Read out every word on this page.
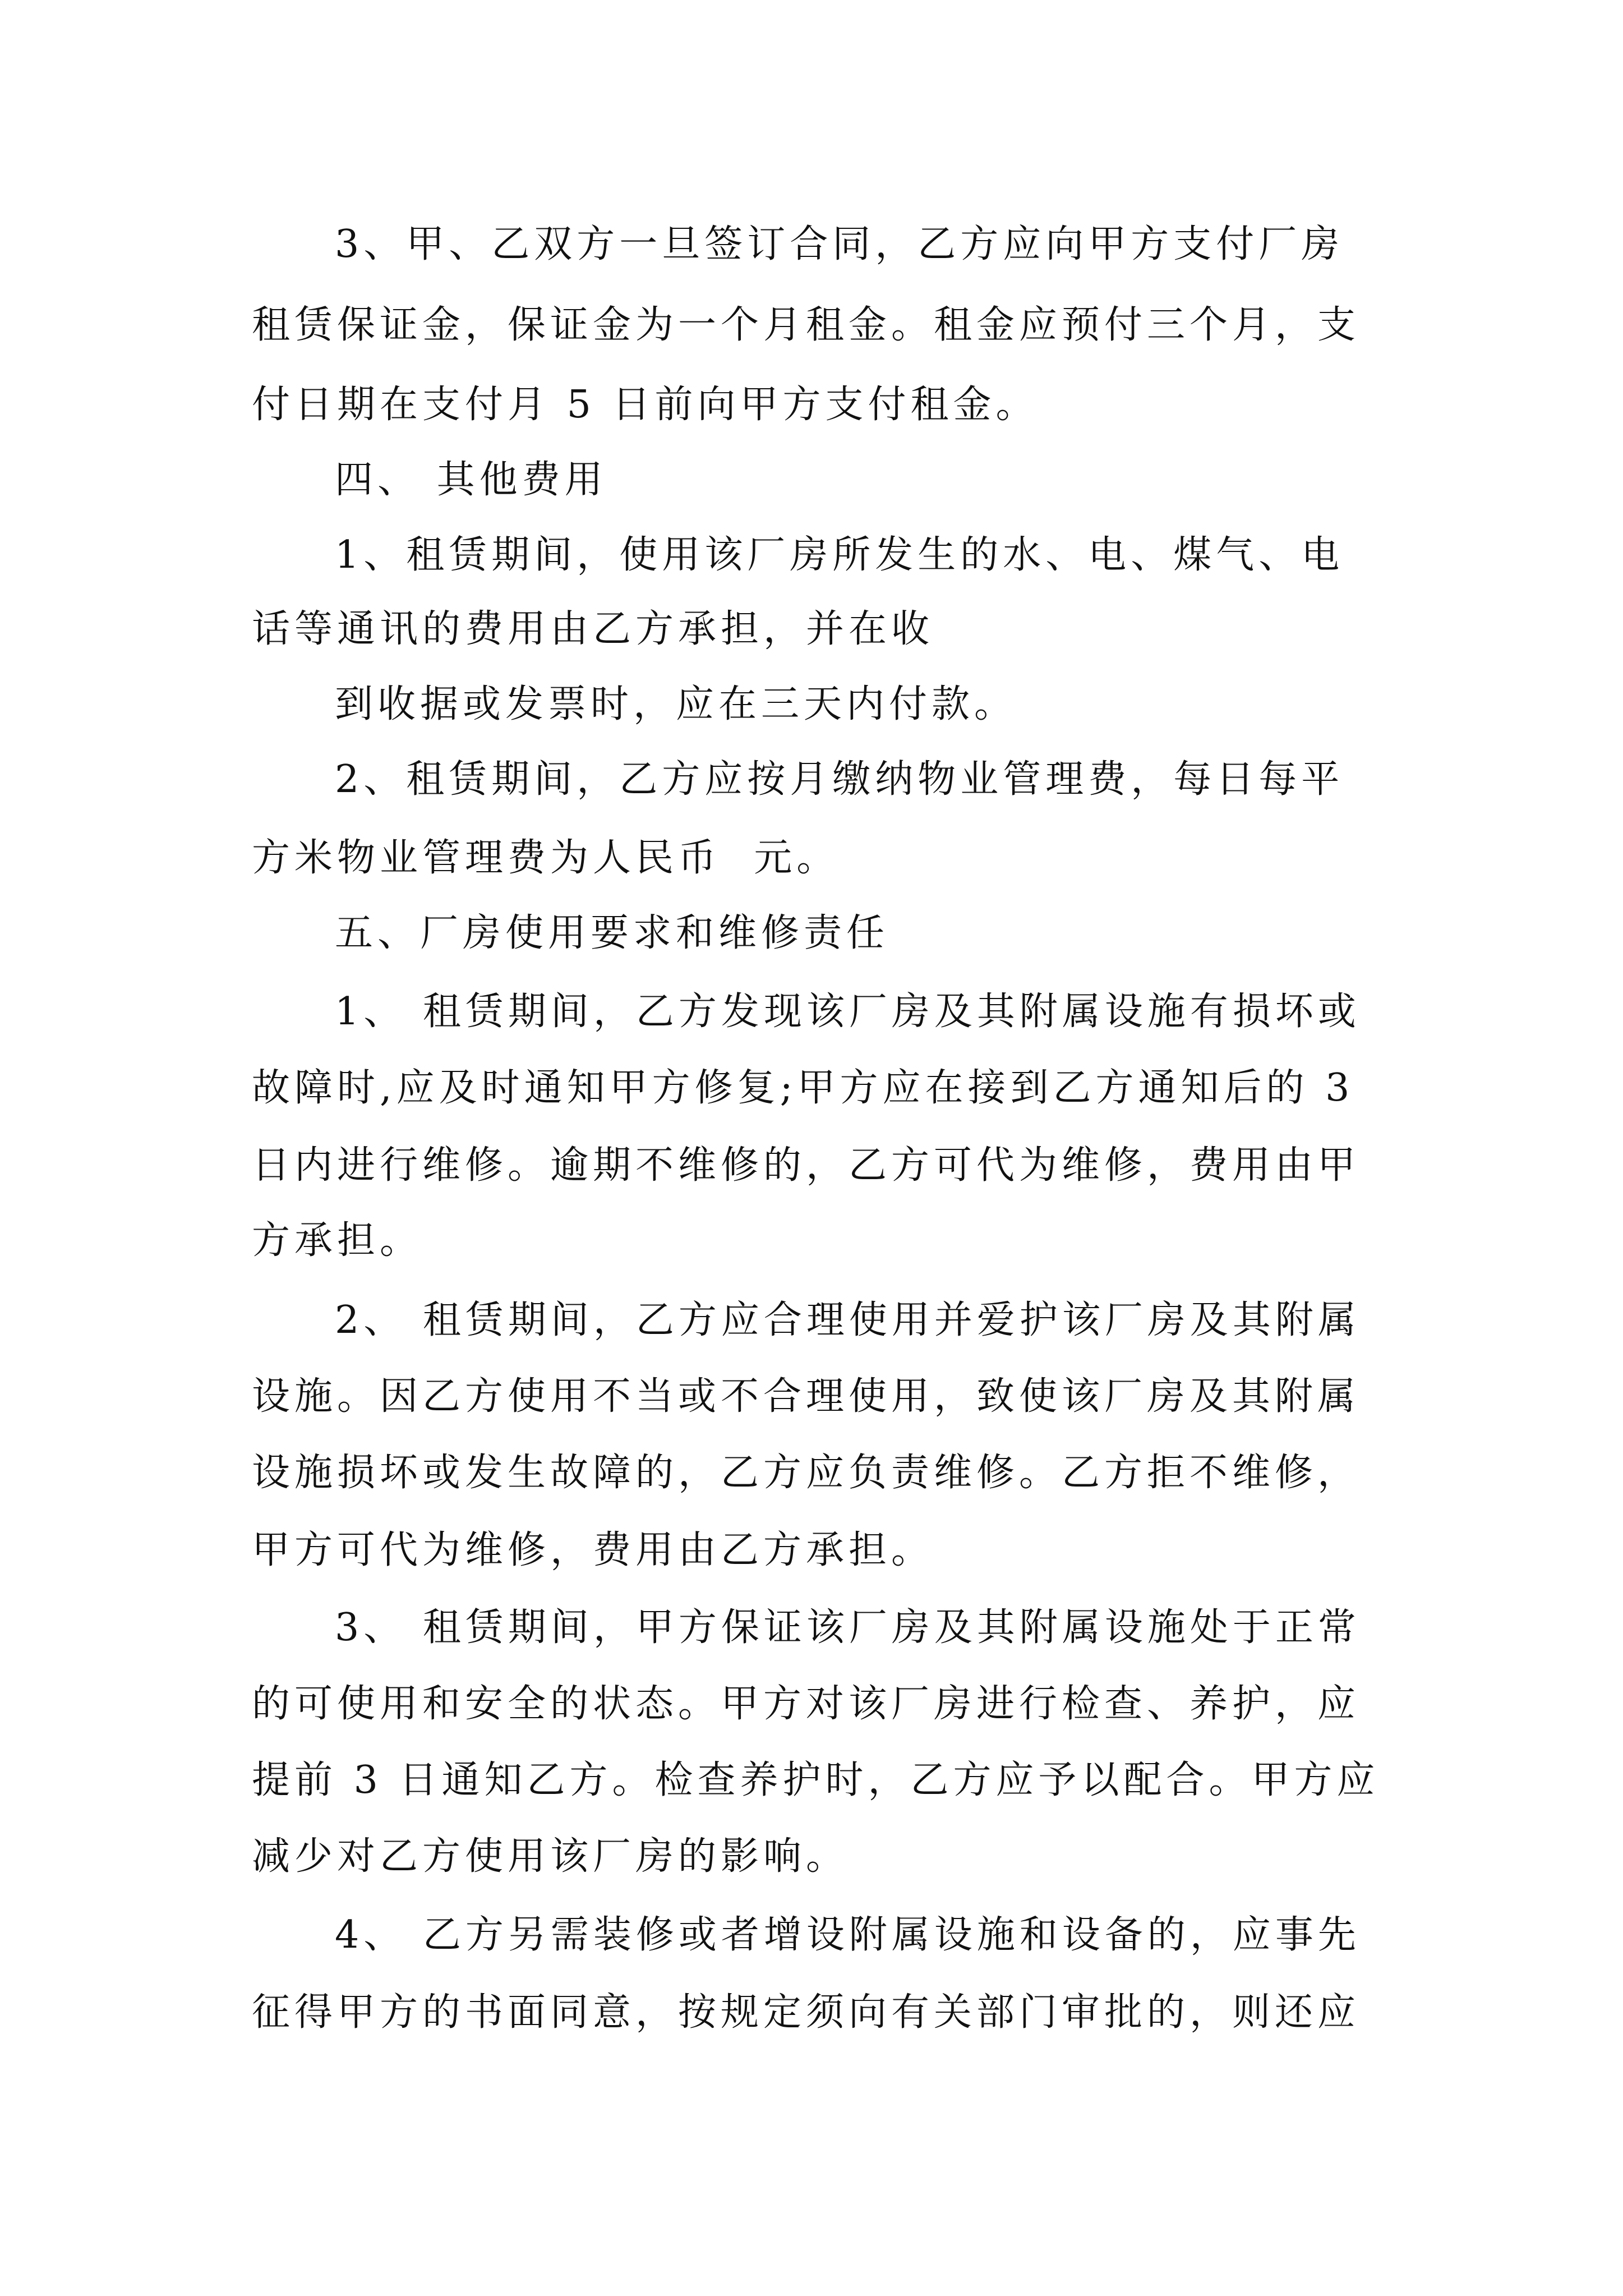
3、甲、乙双方一旦签订合同，乙方应向甲方支付厂房

租赁保证金，保证金为一个月租金。租金应预付三个月，支

付日期在支付月 5 日前向甲方支付租金。

四、 其他费用

1、租赁期间，使用该厂房所发生的水、电、煤气、电

话等通讯的费用由乙方承担，并在收

到收据或发票时，应在三天内付款。

2、租赁期间，乙方应按月缴纳物业管理费，每日每平

方米物业管理费为人民币  元。

五、厂房使用要求和维修责任

1、 租赁期间，乙方发现该厂房及其附属设施有损坏或

故障时,应及时通知甲方修复;甲方应在接到乙方通知后的 3

日内进行维修。逾期不维修的，乙方可代为维修，费用由甲

方承担。

2、 租赁期间，乙方应合理使用并爱护该厂房及其附属

设施。因乙方使用不当或不合理使用，致使该厂房及其附属

设施损坏或发生故障的，乙方应负责维修。乙方拒不维修，

甲方可代为维修，费用由乙方承担。

3、 租赁期间，甲方保证该厂房及其附属设施处于正常

的可使用和安全的状态。甲方对该厂房进行检查、养护，应

提前 3 日通知乙方。检查养护时，乙方应予以配合。甲方应

减少对乙方使用该厂房的影响。

4、 乙方另需装修或者增设附属设施和设备的，应事先

征得甲方的书面同意，按规定须向有关部门审批的，则还应
